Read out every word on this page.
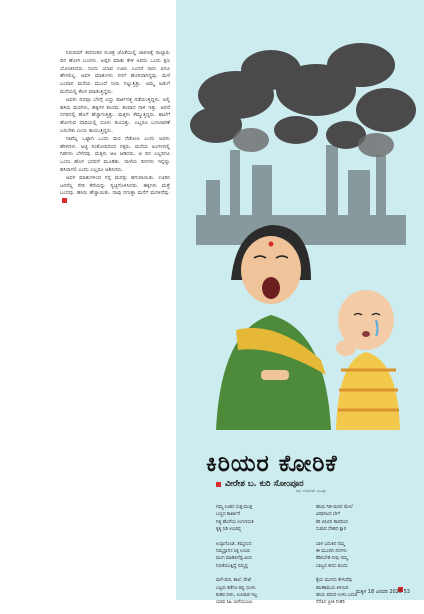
ನಿರುಪಮ್ ತದನಂತರ ಸುಚಿತ್ರ ಜೊತೆಯಲ್ಲಿ ಚಾರಣಕ್ಕೆ ನಾಲ್ಕಾರು ದಿನ ಹೋಗಿ ಬಂದಳು. ಅಪ್ಪನ ಮಾತು ಕೇಳಿ ಅವರು ಒಂದು ಕ್ಷಣ ಯೋಚಿಸಿದರು. ನಿಂದು ಯಾವ ಊರು ಎಂದರೆ ನಾನು ಏನೂ ಹೇಳಲಿಲ್ಲ. ಅವಳ ಮಾತುಗಳು ನನಗೆ ಹೊಸದಾಗಿದ್ದವು. ಮಳೆ ಬಂದಾಗ ಮನೆಯ ಮುಂದೆ ನೀರು ನಿಲ್ಲುತ್ತಿತ್ತು. ಅಮ್ಮ ಅಡುಗೆ ಮನೆಯಲ್ಲಿ ಕೆಲಸ ಮಾಡುತ್ತಿದ್ದರು.

ಅವಳು ದಿನವೂ ಬೆಳಗ್ಗೆ ಎದ್ದು ಪಾರ್ಕಿನತ್ತ ನಡೆಯುತ್ತಿದ್ದಳು. ಅಲ್ಲಿ ಹಸಿರು ಮರಗಳು, ಹಕ್ಕಿಗಳ ಕಲರವ, ತಂಪಾದ ಗಾಳಿ ಇತ್ತು. ಆದರೆ ನಗರದಲ್ಲಿ ಹೊಗೆ ಹೆಚ್ಚಾಗುತ್ತಿತ್ತು. ಮಕ್ಕಳು ಕೆಮ್ಮುತ್ತಿದ್ದರು. ಶಾಲೆಗೆ ಹೋಗುವ ದಾರಿಯಲ್ಲಿ ಧೂಳು ತುಂಬಿತ್ತು. ಎಲ್ಲರೂ ಬದಲಾವಣೆ ಬರಬೇಕು ಎಂದು ಕಾಯುತ್ತಿದ್ದರು.

ನಾವೆಲ್ಲ ಒಟ್ಟಾಗಿ ಒಂದು ಮರ ನೆಡೋಣ ಎಂದು ಅವಳು ಹೇಳಿದಳು. ಅಜ್ಜಿ ಸಂತೋಷದಿಂದ ನಕ್ಕರು. ಮನೆಯ ಅಂಗಳದಲ್ಲಿ ಗಿಡಗಳು ಬೆಳೆದವು. ಮಕ್ಕಳು ಆಟ ಆಡಿದರು. ಆ ದಿನ ಎಲ್ಲರಿಗೂ ಒಂದು ಹೊಸ ಭರವಸೆ ಮೂಡಿತು. ನಾಳೆಯ ದಿನಗಳು ಇನ್ನಷ್ಟು ಹಸಿರಾಗಲಿ ಎಂದು ಎಲ್ಲರೂ ಆಶಿಸಿದರು.

ಅವಳ ಮಾತುಗಳಿಂದ ನನ್ನ ಮನಸ್ಸು ಹಗುರಾಯಿತು. ಊರಿನ ಜನರೆಲ್ಲ ಸೇರಿ ಕೆರೆಯನ್ನು ಸ್ವಚ್ಛಗೊಳಿಸಿದರು. ಹಕ್ಕಿಗಳು ಮತ್ತೆ ಬಂದವು. ಹಸಿರು ಹೆಚ್ಚಾಯಿತು. ನಾವು ನಗುತ್ತಾ ಮನೆಗೆ ಮರಳಿದೆವು.

ಕಿರಿಯರ ಕೋರಿಕೆ
ವೀರೇಶ ಬ. ಕುರಿ ಸೋಂಪೂರ
ಚಿತ್ರ: ಸಂತೋಷ್ ಸಸಿಹಿತ್ಲು
ನಮ್ಮ ಊರಿನ ಸುತ್ತ-ಮುತ್ತ
ಬಣ್ಣದ ಕಾರ್ಖಾನೆ
ನಿತ್ಯ ಹೊಗೆಯ ಉಗುಳಿಸುತ
ಕೃತ್ಯ ಸಿಡಿ ಉಸಿರನ್ನ
ಉಸ್ಸಾಗೊಂಡ, ತಮ್ಮನಿಂದ
ನಿಮ್ಮನ್ನಾಗಿಸ ಸಿಕ್ಕ ಉಸಿರು
ಮಂಗ ಮಾಡಿಲಿನೆನ್ನುವಿಂದ
ನಿರುಕೆಯುತ್ತಿದ್ದೆ ನಮ್ಮನ್ನ
ಮನೆ-ಮಠ, ಶಾಲೆ, ಪೇಟೆ
ಎಲ್ಲರು ಕಡೆಗೂ ಕಪ್ಪು ಧೂಳು
ಕುಡಿವ ನೀರು, ಉಸಿರಾಡ ಇಲ್ಲ
ಯಾವ ಸಿಹಿ ಬಾಳೆಯುಂಟು
ಹಸಿರು ಗಿಡ-ಮರದ ಮೇಲೆ
ವಿಷಾನಿಲದ ಬೇಗೆ
ಕರಿ ಬಿಸಿಲಿನ ತಾಪದಿಂದ
ಸುಡುವ ದೇಹದ ಕ್ಷಾರ
ಬಾಳ ಬದುಕಿನ ನಮ್ಮ
ಈ ಮುಂದಿನ ದಿನಗಳು
ಕೆಡಿಸಬೇಡಿ ನೀವು ನಮ್ಮ
ಬಾಲ್ಯದ ಕನಸು ಕುಸಿದು
ಕೈಯ ಮುಗಿದು ಕೇಳುವೆವು
ಕರುಣಾಮಯ ತಿಳಿಯಿರಿ
ಹಸಿರು ಪರಿಸರ ಉಳಿಸಿ ಬದುಕಿ
ನೆನೆಪಿನ ಪ್ರೀತಿ ನೀಡಿರಿ
ಮಕ್ಕಳ 18 ಜನವರಿ 2025 53
